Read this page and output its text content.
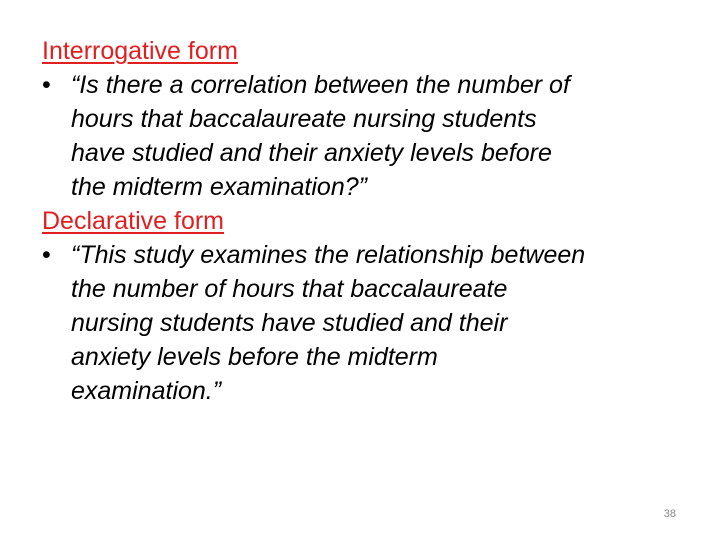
Interrogative form

• “Is there a correlation between the number of
hours that baccalaureate nursing students
have studied and their anxiety levels before
the midterm examination?”

Declarative form

• “This study examines the relationship between
the number of hours that baccalaureate
nursing students have studied and their
anxiety levels before the midterm
examination.”

38
